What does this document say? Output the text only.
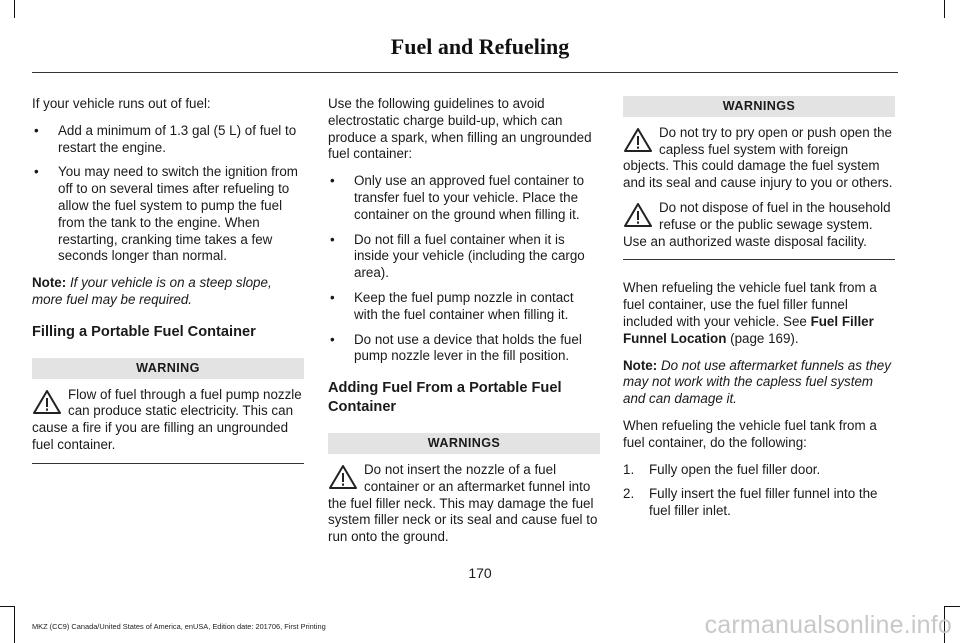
Fuel and Refueling

If your vehicle runs out of fuel:

• Add a minimum of 1.3 gal (5 L) of fuel to restart the engine.
• You may need to switch the ignition from off to on several times after refueling to allow the fuel system to pump the fuel from the tank to the engine. When restarting, cranking time takes a few seconds longer than normal.

Note: If your vehicle is on a steep slope, more fuel may be required.

Filling a Portable Fuel Container
WARNING
Flow of fuel through a fuel pump nozzle can produce static electricity. This can cause a fire if you are filling an ungrounded fuel container.

Use the following guidelines to avoid electrostatic charge build-up, which can produce a spark, when filling an ungrounded fuel container:

• Only use an approved fuel container to transfer fuel to your vehicle. Place the container on the ground when filling it.
• Do not fill a fuel container when it is inside your vehicle (including the cargo area).
• Keep the fuel pump nozzle in contact with the fuel container when filling it.
• Do not use a device that holds the fuel pump nozzle lever in the fill position.
Adding Fuel From a Portable Fuel Container
WARNINGS
Do not insert the nozzle of a fuel container or an aftermarket funnel into the fuel filler neck. This may damage the fuel system filler neck or its seal and cause fuel to run onto the ground.
WARNINGS
Do not try to pry open or push open the capless fuel system with foreign objects. This could damage the fuel system and its seal and cause injury to you or others.
Do not dispose of fuel in the household refuse or the public sewage system. Use an authorized waste disposal facility.

When refueling the vehicle fuel tank from a fuel container, use the fuel filler funnel included with your vehicle. See Fuel Filler Funnel Location (page 169).

Note: Do not use aftermarket funnels as they may not work with the capless fuel system and can damage it.

When refueling the vehicle fuel tank from a fuel container, do the following:

1. Fully open the fuel filler door.
2. Fully insert the fuel filler funnel into the fuel filler inlet.
170
MKZ (CC9) Canada/United States of America, enUSA, Edition date: 201706, First Printing	carmanualsonline.info
